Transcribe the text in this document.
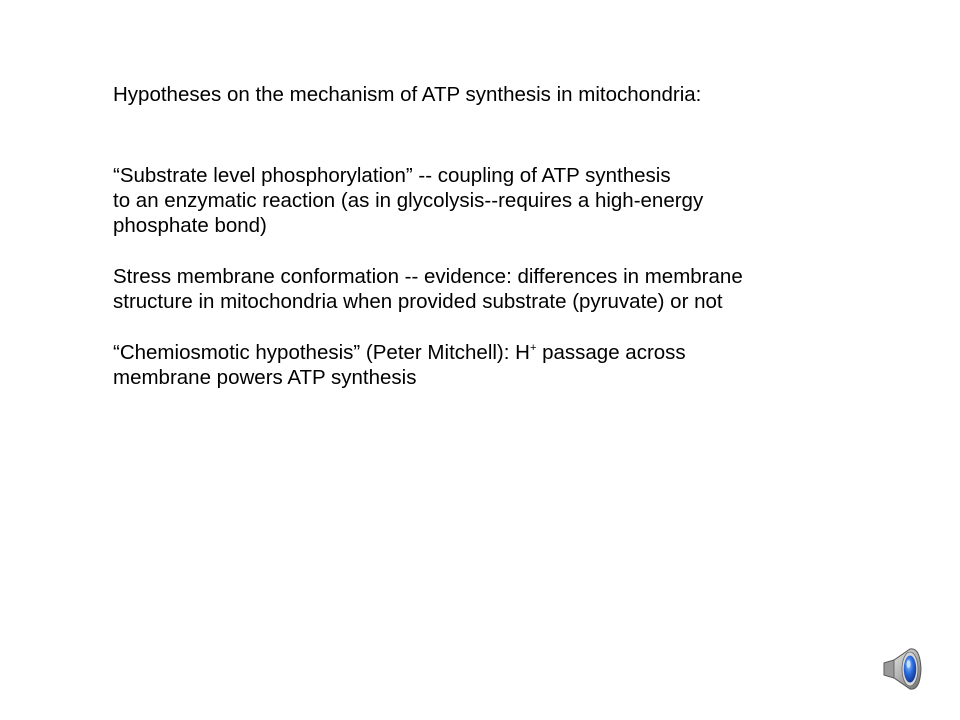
Hypotheses on the mechanism of ATP synthesis in mitochondria:

“Substrate level phosphorylation” -- coupling of ATP synthesis
to an enzymatic reaction (as in glycolysis--requires a high-energy
phosphate bond)

Stress membrane conformation -- evidence: differences in membrane
structure in mitochondria when provided substrate (pyruvate) or not

“Chemiosmotic hypothesis” (Peter Mitchell): H+ passage across
membrane powers ATP synthesis
